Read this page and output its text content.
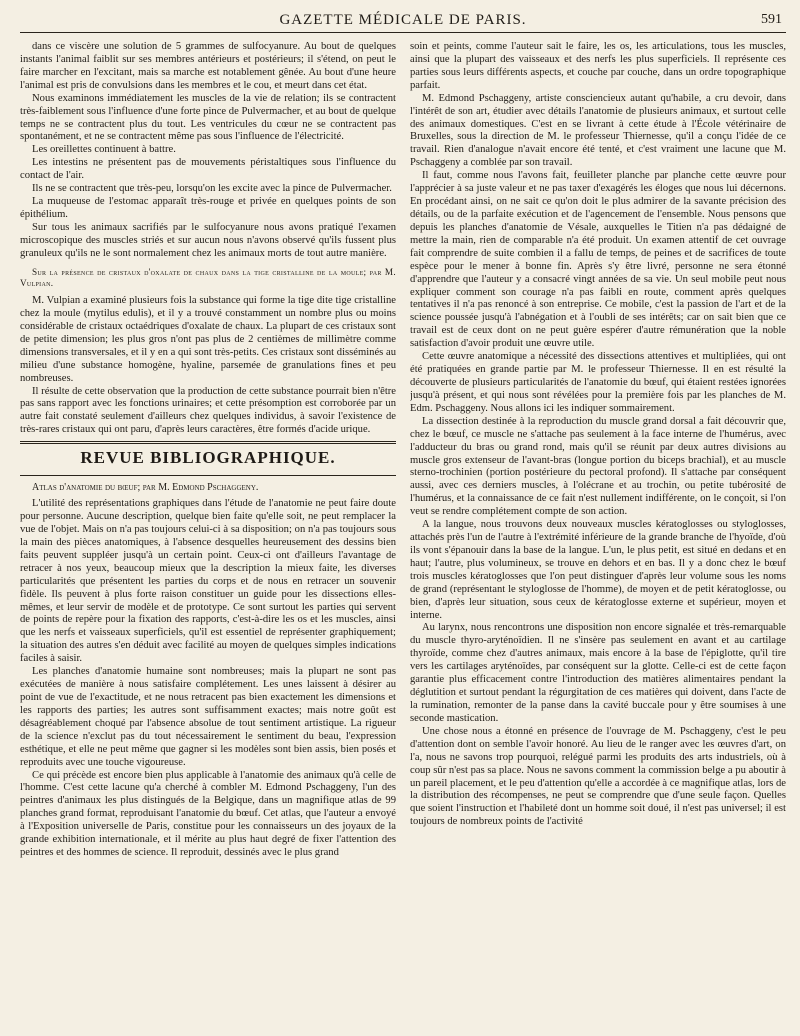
GAZETTE MÉDICALE DE PARIS.	591

dans ce viscère une solution de 5 grammes de sulfocyanure. Au bout de quelques instants l'animal faiblit sur ses membres antérieurs et postérieurs; il s'étend, on peut le faire marcher en l'excitant, mais sa marche est notablement gênée. Au bout d'une heure l'animal est pris de convulsions dans les membres et le cou, et meurt dans cet état.

Nous examinons immédiatement les muscles de la vie de relation; ils se contractent très-faiblement sous l'influence d'une forte pince de Pulvermacher, et au bout de quelque temps ne se contractent plus du tout. Les ventricules du cœur ne se contractent pas spontanément, et ne se contractent même pas sous l'influence de l'électricité.

Les oreillettes continuent à battre.

Les intestins ne présentent pas de mouvements péristaltiques sous l'influence du contact de l'air.

Ils ne se contractent que très-peu, lorsqu'on les excite avec la pince de Pulvermacher.

La muqueuse de l'estomac apparaît très-rouge et privée en quelques points de son épithélium.

Sur tous les animaux sacrifiés par le sulfocyanure nous avons pratiqué l'examen microscopique des muscles striés et sur aucun nous n'avons observé qu'ils fussent plus granuleux qu'ils ne le sont normalement chez les animaux morts de tout autre manière.

Sur la présence de cristaux d'oxalate de chaux dans la tige cristalline de la moule; par M. Vulpian.

M. Vulpian a examiné plusieurs fois la substance qui forme la tige dite tige cristalline chez la moule (mytilus edulis), et il y a trouvé constamment un nombre plus ou moins considérable de cristaux octaédriques d'oxalate de chaux. La plupart de ces cristaux sont de petite dimension; les plus gros n'ont pas plus de 2 centièmes de millimètre comme dimensions transversales, et il y en a qui sont très-petits. Ces cristaux sont disséminés au milieu d'une substance homogène, hyaline, parsemée de granulations fines et peu nombreuses.

Il résulte de cette observation que la production de cette substance pourrait bien n'être pas sans rapport avec les fonctions urinaires; et cette présomption est corroborée par un autre fait constaté seulement d'ailleurs chez quelques individus, à savoir l'existence de très-rares cristaux qui ont paru, d'après leurs caractères, être formés d'acide urique.

REVUE BIBLIOGRAPHIQUE.
Atlas d'anatomie du bœuf; par M. Edmond Pschaggeny.

L'utilité des représentations graphiques dans l'étude de l'anatomie ne peut faire doute pour personne. Aucune description, quelque bien faite qu'elle soit, ne peut remplacer la vue de l'objet. Mais on n'a pas toujours celui-ci à sa disposition; on n'a pas toujours sous la main des pièces anatomiques, à l'absence desquelles heureusement des dessins bien faits peuvent suppléer jusqu'à un certain point. Ceux-ci ont d'ailleurs l'avantage de retracer à nos yeux, beaucoup mieux que la description la mieux faite, les diverses particularités que présentent les parties du corps et de nous en retracer un souvenir fidèle. Ils peuvent à plus forte raison constituer un guide pour les dissections elles-mêmes, et leur servir de modèle et de prototype. Ce sont surtout les parties qui servent de points de repère pour la fixation des rapports, c'est-à-dire les os et les muscles, ainsi que les nerfs et vaisseaux superficiels, qu'il est essentiel de représenter graphiquement; la situation des autres s'en déduit avec facilité au moyen de quelques simples indications faciles à saisir.

Les planches d'anatomie humaine sont nombreuses; mais la plupart ne sont pas exécutées de manière à nous satisfaire complétement. Les unes laissent à désirer au point de vue de l'exactitude, et ne nous retracent pas bien exactement les dimensions et les rapports des parties; les autres sont suffisamment exactes; mais notre goût est désagréablement choqué par l'absence absolue de tout sentiment artistique. La rigueur de la science n'exclut pas du tout nécessairement le sentiment du beau, l'expression esthétique, et elle ne peut même que gagner si les modèles sont bien assis, bien posés et reproduits avec une touche vigoureuse.

Ce qui précède est encore bien plus applicable à l'anatomie des animaux qu'à celle de l'homme. C'est cette lacune qu'a cherché à combler M. Edmond Pschaggeny, l'un des peintres d'animaux les plus distingués de la Belgique, dans un magnifique atlas de 99 planches grand format, reproduisant l'anatomie du bœuf. Cet atlas, que l'auteur a envoyé à l'Exposition universelle de Paris, constitue pour les connaisseurs un des joyaux de la grande exhibition internationale, et il mérite au plus haut degré de fixer l'attention des peintres et des hommes de science. Il reproduit, dessinés avec le plus grand

soin et peints, comme l'auteur sait le faire, les os, les articulations, tous les muscles, ainsi que la plupart des vaisseaux et des nerfs les plus superficiels. Il représente ces parties sous leurs différents aspects, et couche par couche, dans un ordre topographique parfait.

M. Edmond Pschaggeny, artiste consciencieux autant qu'habile, a cru devoir, dans l'intérêt de son art, étudier avec détails l'anatomie de plusieurs animaux, et surtout celle des animaux domestiques. C'est en se livrant à cette étude à l'École vétérinaire de Bruxelles, sous la direction de M. le professeur Thiernesse, qu'il a conçu l'idée de ce travail. Rien d'analogue n'avait encore été tenté, et c'est vraiment une lacune que M. Pschaggeny a comblée par son travail.

Il faut, comme nous l'avons fait, feuilleter planche par planche cette œuvre pour l'apprécier à sa juste valeur et ne pas taxer d'exagérés les éloges que nous lui décernons. En procédant ainsi, on ne sait ce qu'on doit le plus admirer de la savante précision des détails, ou de la parfaite exécution et de l'agencement de l'ensemble. Nous pensons que depuis les planches d'anatomie de Vésale, auxquelles le Titien n'a pas dédaigné de mettre la main, rien de comparable n'a été produit. Un examen attentif de cet ouvrage fait comprendre de suite combien il a fallu de temps, de peines et de sacrifices de toute espèce pour le mener à bonne fin. Après s'y être livré, personne ne sera étonné d'apprendre que l'auteur y a consacré vingt années de sa vie. Un seul mobile peut nous expliquer comment son courage n'a pas faibli en route, comment après quelques tentatives il n'a pas renoncé à son entreprise. Ce mobile, c'est la passion de l'art et de la science poussée jusqu'à l'abnégation et à l'oubli de ses intérêts; car on sait bien que ce travail est de ceux dont on ne peut guère espérer d'autre rémunération que la noble satisfaction d'avoir produit une œuvre utile.

Cette œuvre anatomique a nécessité des dissections attentives et multipliées, qui ont été pratiquées en grande partie par M. le professeur Thiernesse. Il en est résulté la découverte de plusieurs particularités de l'anatomie du bœuf, qui étaient restées ignorées jusqu'à présent, et qui nous sont révélées pour la première fois par les planches de M. Edm. Pschaggeny. Nous allons ici les indiquer sommairement.

La dissection destinée à la reproduction du muscle grand dorsal a fait découvrir que, chez le bœuf, ce muscle ne s'attache pas seulement à la face interne de l'humérus, avec l'adducteur du bras ou grand rond, mais qu'il se réunit par deux autres divisions au muscle gros extenseur de l'avant-bras (longue portion du biceps brachial), et au muscle sterno-trochinien (portion postérieure du pectoral profond). Il s'attache par conséquent aussi, avec ces derniers muscles, à l'olécrane et au trochin, ou petite tubérosité de l'humérus, et la connaissance de ce fait n'est nullement indifférente, on le conçoit, si l'on veut se rendre complétement compte de son action.

A la langue, nous trouvons deux nouveaux muscles kératoglosses ou styloglosses, attachés près l'un de l'autre à l'extrémité inférieure de la grande branche de l'hyoïde, d'où ils vont s'épanouir dans la base de la langue. L'un, le plus petit, est situé en dedans et en haut; l'autre, plus volumineux, se trouve en dehors et en bas. Il y a donc chez le bœuf trois muscles kératoglosses que l'on peut distinguer d'après leur volume sous les noms de grand (représentant le styloglosse de l'homme), de moyen et de petit kératoglosse, ou bien, d'après leur situation, sous ceux de kératoglosse externe et supérieur, moyen et interne.

Au larynx, nous rencontrons une disposition non encore signalée et très-remarquable du muscle thyro-aryténoïdien. Il ne s'insère pas seulement en avant et au cartilage thyroïde, comme chez d'autres animaux, mais encore à la base de l'épiglotte, qu'il tire vers les cartilages aryténoïdes, par conséquent sur la glotte. Celle-ci est de cette façon garantie plus efficacement contre l'introduction des matières alimentaires pendant la déglutition et surtout pendant la régurgitation de ces matières qui doivent, dans l'acte de la rumination, remonter de la panse dans la cavité buccale pour y être soumises à une seconde mastication.

Une chose nous a étonné en présence de l'ouvrage de M. Pschaggeny, c'est le peu d'attention dont on semble l'avoir honoré. Au lieu de le ranger avec les œuvres d'art, on l'a, nous ne savons trop pourquoi, relégué parmi les produits des arts industriels, où à coup sûr n'est pas sa place. Nous ne savons comment la commission belge a pu aboutir à un pareil placement, et le peu d'attention qu'elle a accordée à ce magnifique atlas, lors de la distribution des récompenses, ne peut se comprendre que d'une seule façon. Quelles que soient l'instruction et l'habileté dont un homme soit doué, il n'est pas universel; il est toujours de nombreux points de l'activité
